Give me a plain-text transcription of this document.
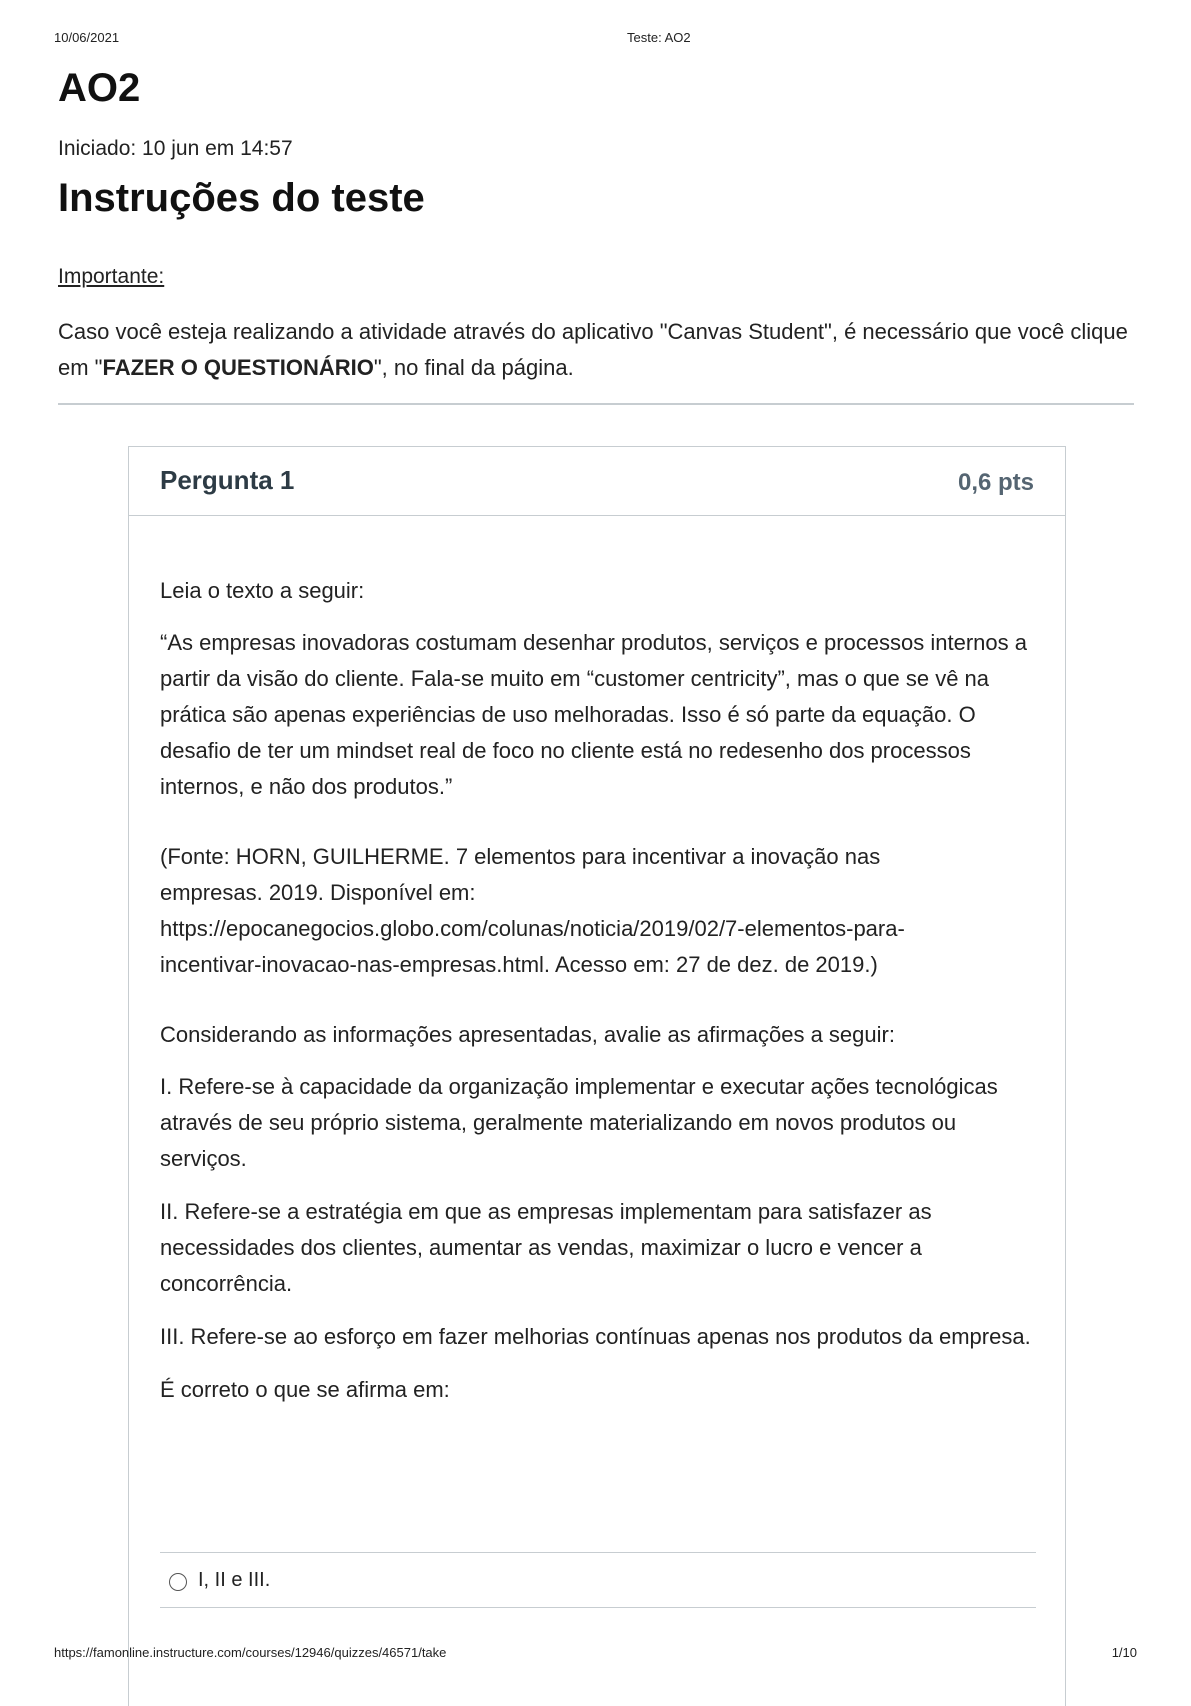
10/06/2021	Teste: AO2
AO2
Iniciado: 10 jun em 14:57
Instruções do teste
Importante:

Caso você esteja realizando a atividade através do aplicativo "Canvas Student", é necessário que você clique em "FAZER O QUESTIONÁRIO", no final da página.

Pergunta 1	0,6 pts

Leia o texto a seguir:

“As empresas inovadoras costumam desenhar produtos, serviços e processos internos a partir da visão do cliente. Fala-se muito em “customer centricity”, mas o que se vê na prática são apenas experiências de uso melhoradas. Isso é só parte da equação. O desafio de ter um mindset real de foco no cliente está no redesenho dos processos internos, e não dos produtos.”

(Fonte: HORN, GUILHERME. 7 elementos para incentivar a inovação nas
empresas. 2019. Disponível em:
https://epocanegocios.globo.com/colunas/noticia/2019/02/7-elementos-para-
incentivar-inovacao-nas-empresas.html. Acesso em: 27 de dez. de 2019.)

Considerando as informações apresentadas, avalie as afirmações a seguir:

I. Refere-se à capacidade da organização implementar e executar ações tecnológicas através de seu próprio sistema, geralmente materializando em novos produtos ou serviços.

II. Refere-se a estratégia em que as empresas implementam para satisfazer as necessidades dos clientes, aumentar as vendas, maximizar o lucro e vencer a concorrência.

III. Refere-se ao esforço em fazer melhorias contínuas apenas nos produtos da empresa.

É correto o que se afirma em:

I, II e III.
https://famonline.instructure.com/courses/12946/quizzes/46571/take	1/10
